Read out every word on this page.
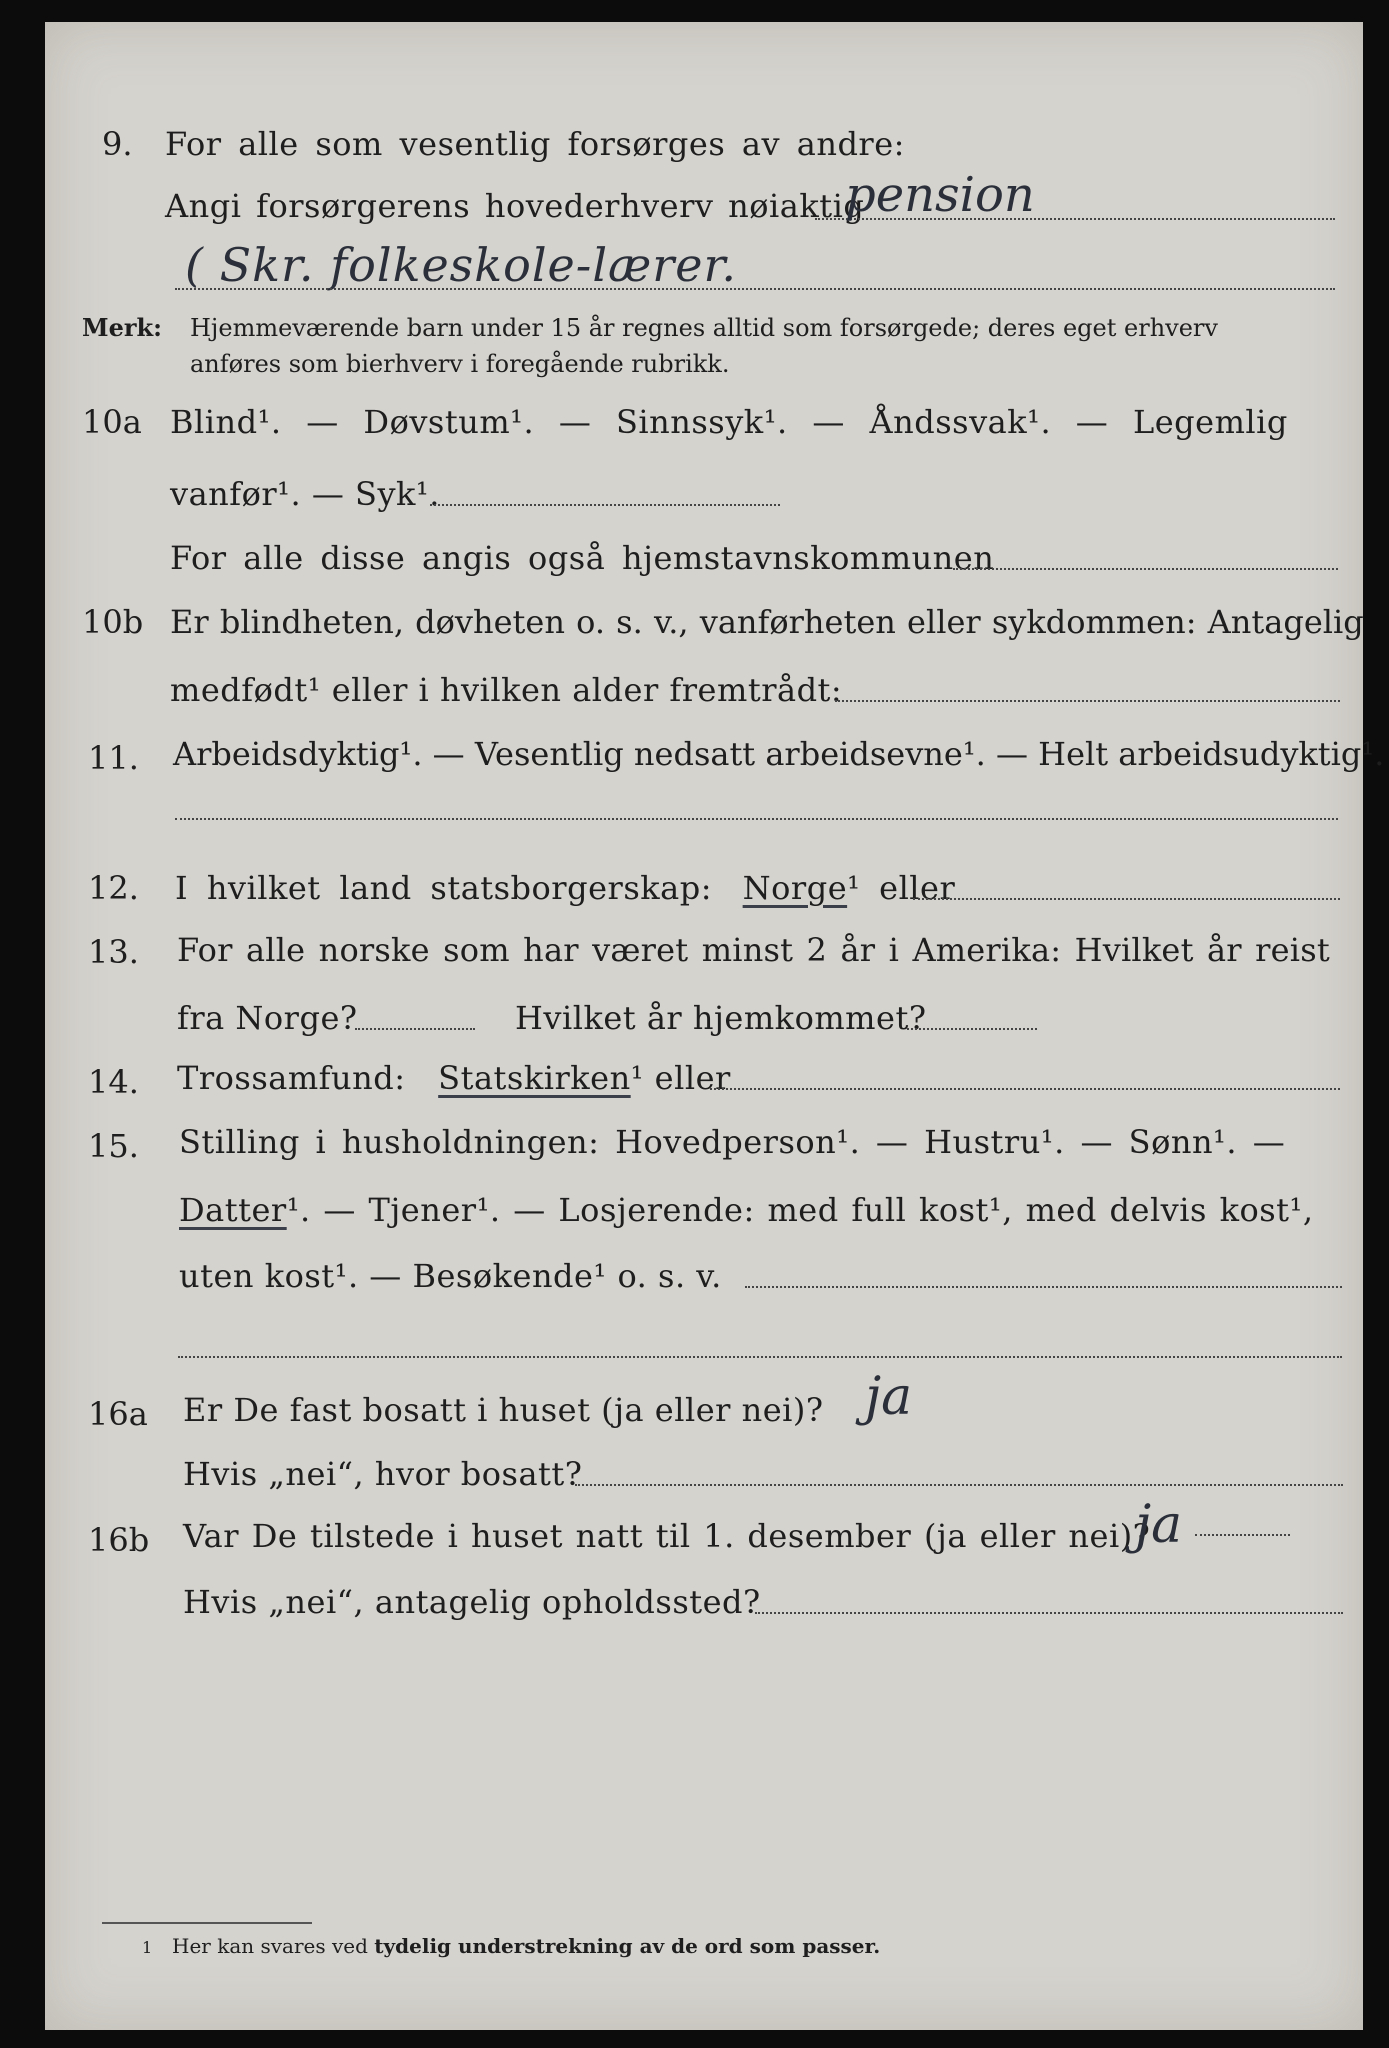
9. For alle som vesentlig forsørges av andre:
Angi forsørgerens hovederhverv nøiaktig
pension
( Skr. folkeskole-lærer.
Merk: Hjemmeværende barn under 15 år regnes alltid som forsørgede; deres eget erhverv
anføres som bierhverv i foregående rubrikk.
10a Blind¹. — Døvstum¹. — Sinnssyk¹. — Åndssvak¹. — Legemlig
vanfør¹. — Syk¹.
For alle disse angis også hjemstavnskommunen
10b Er blindheten, døvheten o. s. v., vanførheten eller sykdommen: Antagelig
medfødt¹ eller i hvilken alder fremtrådt:
11. Arbeidsdyktig¹. — Vesentlig nedsatt arbeidsevne¹. — Helt arbeidsudyktig¹.
12. I hvilket land statsborgerskap: Norge¹ eller
13. For alle norske som har været minst 2 år i Amerika: Hvilket år reist
fra Norge?	Hvilket år hjemkommet?
14. Trossamfund: Statskirken¹ eller
15. Stilling i husholdningen: Hovedperson¹. — Hustru¹. — Sønn¹. —
Datter¹. — Tjener¹. — Losjerende: med full kost¹, med delvis kost¹,
uten kost¹. — Besøkende¹ o. s. v.
16a Er De fast bosatt i huset (ja eller nei)? ja
Hvis „nei“, hvor bosatt?
16b Var De tilstede i huset natt til 1. desember (ja eller nei)?
ja
Hvis „nei“, antagelig opholdssted?
1 Her kan svares ved tydelig understrekning av de ord som passer.
